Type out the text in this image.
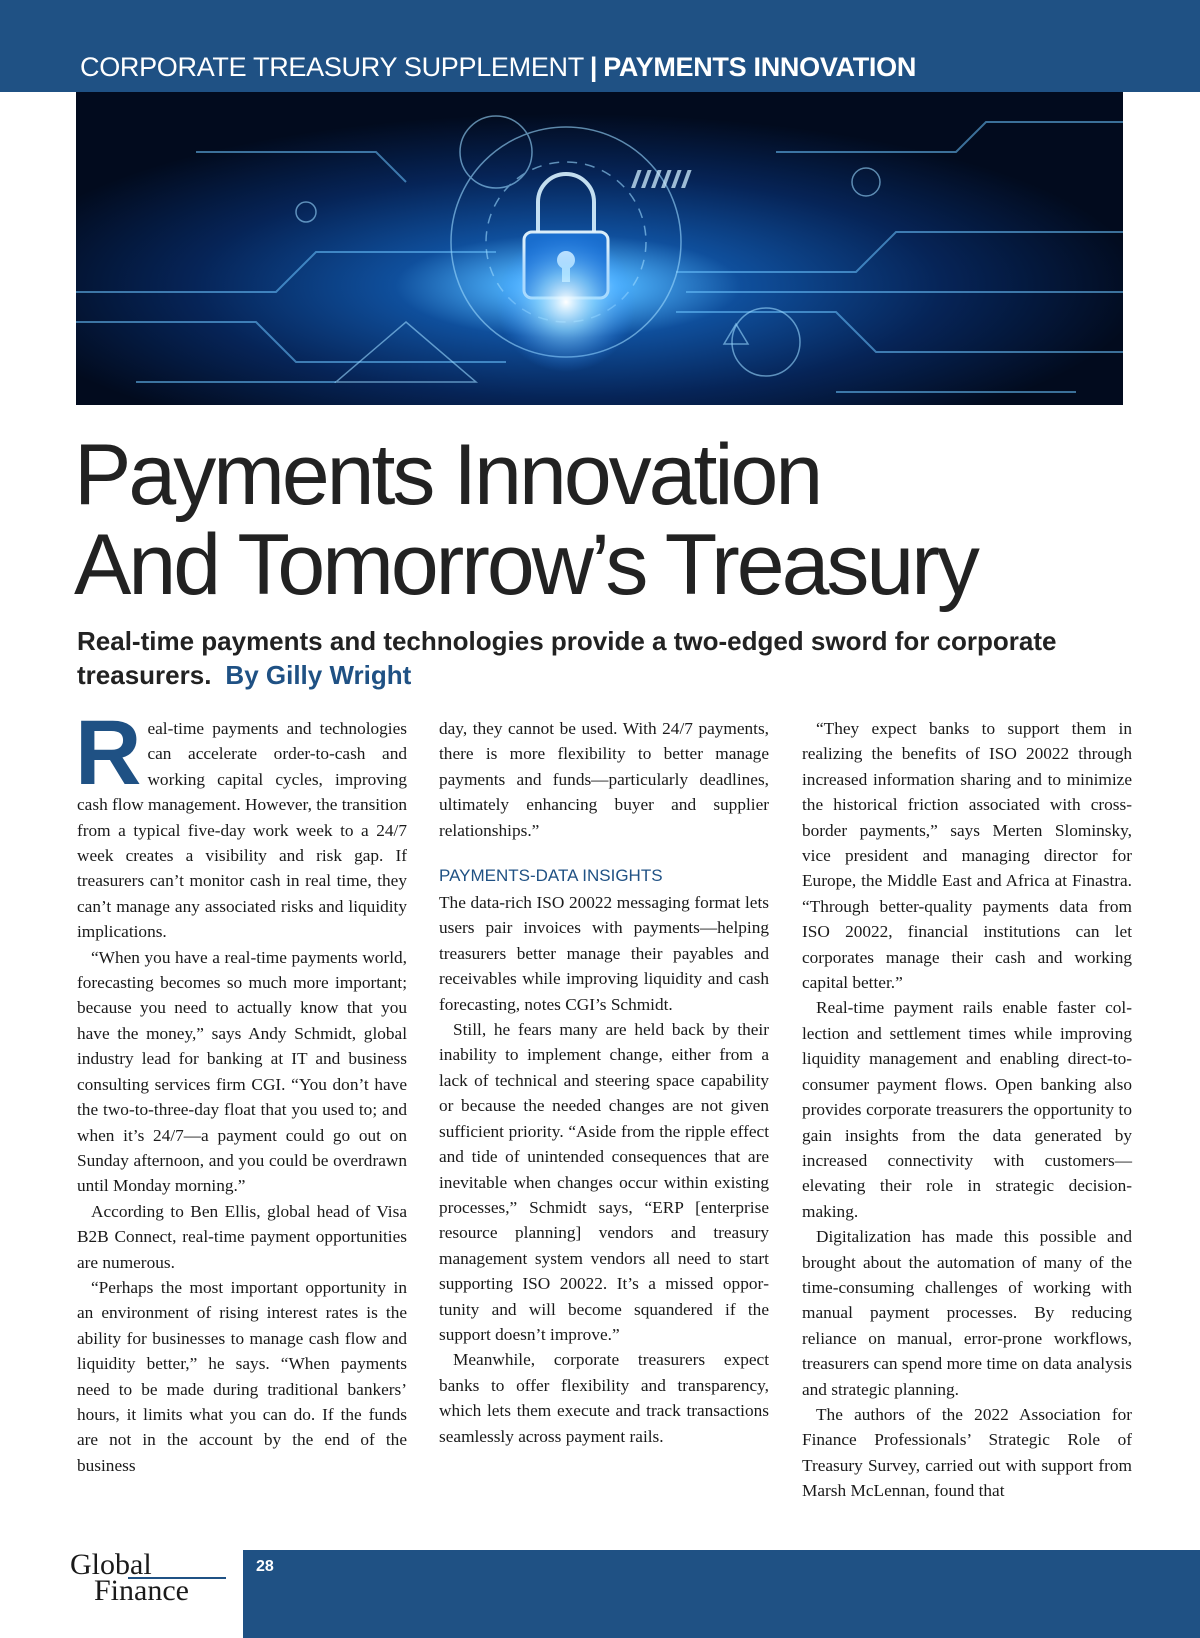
CORPORATE TREASURY SUPPLEMENT | PAYMENTS INNOVATION
Payments Innovation
And Tomorrow’s Treasury

Real-time payments and technologies provide a two-edged sword for corporate treasurers. By Gilly Wright

Real-time payments and technologies can accelerate order-to-cash and working capital cycles, improving cash flow management. However, the transition from a typical five-day work week to a 24/7 week creates a visibility and risk gap. If treasurers can’t monitor cash in real time, they can’t manage any associated risks and liquidity implications.

“When you have a real-time payments world, forecasting becomes so much more important; because you need to actually know that you have the money,” says Andy Schmidt, global industry lead for banking at IT and business consulting services firm CGI. “You don’t have the two-to-three-day float that you used to; and when it’s 24/7—a payment could go out on Sunday afternoon, and you could be overdrawn until Monday morning.”

According to Ben Ellis, global head of Visa B2B Connect, real-time payment opportunities are numerous.

“Perhaps the most important opportunity in an environment of rising interest rates is the ability for businesses to manage cash flow and liquidity better,” he says. “When payments need to be made during traditional bankers’ hours, it limits what you can do. If the funds are not in the account by the end of the business

day, they cannot be used. With 24/7 payments, there is more flexibility to better manage payments and funds—particularly deadlines, ultimately enhancing buyer and supplier relationships.”

PAYMENTS-DATA INSIGHTS

The data-rich ISO 20022 messaging format lets users pair invoices with payments—helping treasurers better manage their payables and receivables while improving liquidity and cash forecasting, notes CGI’s Schmidt.

Still, he fears many are held back by their inability to implement change, either from a lack of technical and steering space capability or because the needed changes are not given sufficient priority. “Aside from the ripple effect and tide of unintended consequences that are inevitable when changes occur within existing processes,” Schmidt says, “ERP [enterprise resource planning] vendors and treasury management system vendors all need to start supporting ISO 20022. It’s a missed opportunity and will become squandered if the support doesn’t improve.”

Meanwhile, corporate treasurers expect banks to offer flexibility and transparency, which lets them execute and track transactions seamlessly across payment rails.

“They expect banks to support them in realizing the benefits of ISO 20022 through increased information sharing and to minimize the historical friction associated with cross-border payments,” says Merten Slominsky, vice president and managing director for Europe, the Middle East and Africa at Finastra. “Through better-quality payments data from ISO 20022, financial institutions can let corporates manage their cash and working capital better.”

Real-time payment rails enable faster collection and settlement times while improving liquidity management and enabling direct-to-consumer payment flows. Open banking also provides corporate treasurers the opportunity to gain insights from the data generated by increased connectivity with customers—elevating their role in strategic decision-making.

Digitalization has made this possible and brought about the automation of many of the time-consuming challenges of working with manual payment processes. By reducing reliance on manual, error-prone workflows, treasurers can spend more time on data analysis and strategic planning.

The authors of the 2022 Association for Finance Professionals’ Strategic Role of Treasury Survey, carried out with support from Marsh McLennan, found that

Global
Finance
28
